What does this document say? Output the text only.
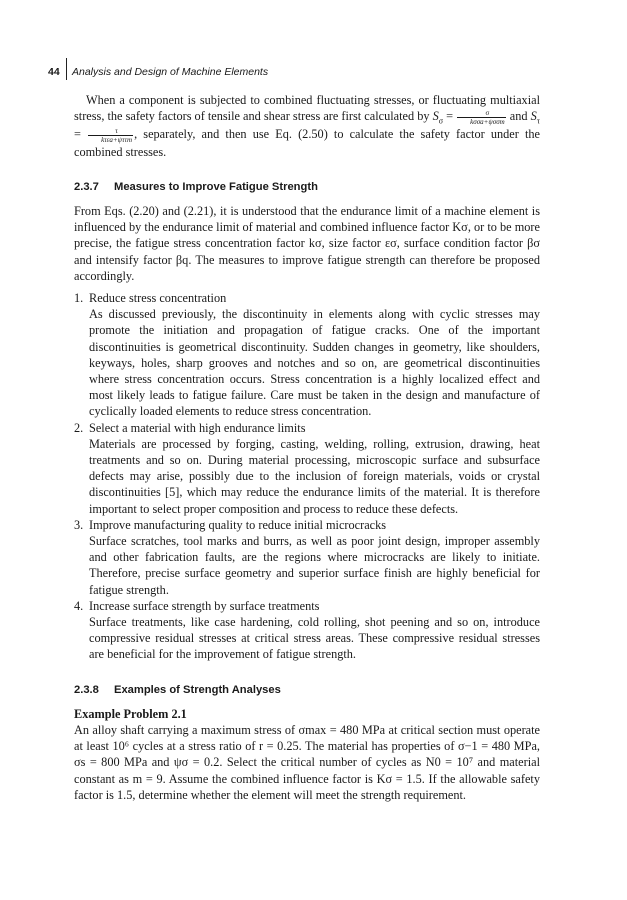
44 Analysis and Design of Machine Elements

When a component is subjected to combined fluctuating stresses, or fluctuating multiaxial stress, the safety factors of tensile and shear stress are first calculated by $S_\sigma = \frac{\sigma}{\text{kσσa+ψσσm}}$ and $S_\tau = \frac{\tau}{\text{kτεa+ψττm}}$ , separately, and then use Eq. (2.50) to calculate the safety factor under the combined stresses.

2.3.7 Measures to Improve Fatigue Strength

From Eqs. (2.20) and (2.21), it is understood that the endurance limit of a machine element is influenced by the endurance limit of material and combined influence factor Kσ, or to be more precise, the fatigue stress concentration factor kσ, size factor εσ, surface condition factor βσ and intensify factor βq. The measures to improve fatigue strength can therefore be proposed accordingly.

1. Reduce stress concentration

As discussed previously, the discontinuity in elements along with cyclic stresses may promote the initiation and propagation of fatigue cracks. One of the important discontinuities is geometrical discontinuity. Sudden changes in geometry, like shoulders, keyways, holes, sharp grooves and notches and so on, are geometrical discontinuities where stress concentration occurs. Stress concentration is a highly localized effect and most likely leads to fatigue failure. Care must be taken in the design and manufacture of cyclically loaded elements to reduce stress concentration.

2. Select a material with high endurance limits

Materials are processed by forging, casting, welding, rolling, extrusion, drawing, heat treatments and so on. During material processing, microscopic surface and subsurface defects may arise, possibly due to the inclusion of foreign materials, voids or crystal discontinuities [5], which may reduce the endurance limits of the material. It is therefore important to select proper composition and process to reduce these defects.

3. Improve manufacturing quality to reduce initial microcracks

Surface scratches, tool marks and burrs, as well as poor joint design, improper assembly and other fabrication faults, are the regions where microcracks are likely to initiate. Therefore, precise surface geometry and superior surface finish are highly beneficial for fatigue strength.

4. Increase surface strength by surface treatments

Surface treatments, like case hardening, cold rolling, shot peening and so on, introduce compressive residual stresses at critical stress areas. These compressive residual stresses are beneficial for the improvement of fatigue strength.

2.3.8 Examples of Strength Analyses

Example Problem 2.1

An alloy shaft carrying a maximum stress of σmax = 480 MPa at critical section must operate at least 10⁶ cycles at a stress ratio of r = 0.25. The material has properties of σ−1 = 480 MPa, σs = 800 MPa and ψσ = 0.2. Select the critical number of cycles as N0 = 10⁷ and material constant as m = 9. Assume the combined influence factor is Kσ = 1.5. If the allowable safety factor is 1.5, determine whether the element will meet the strength requirement.
